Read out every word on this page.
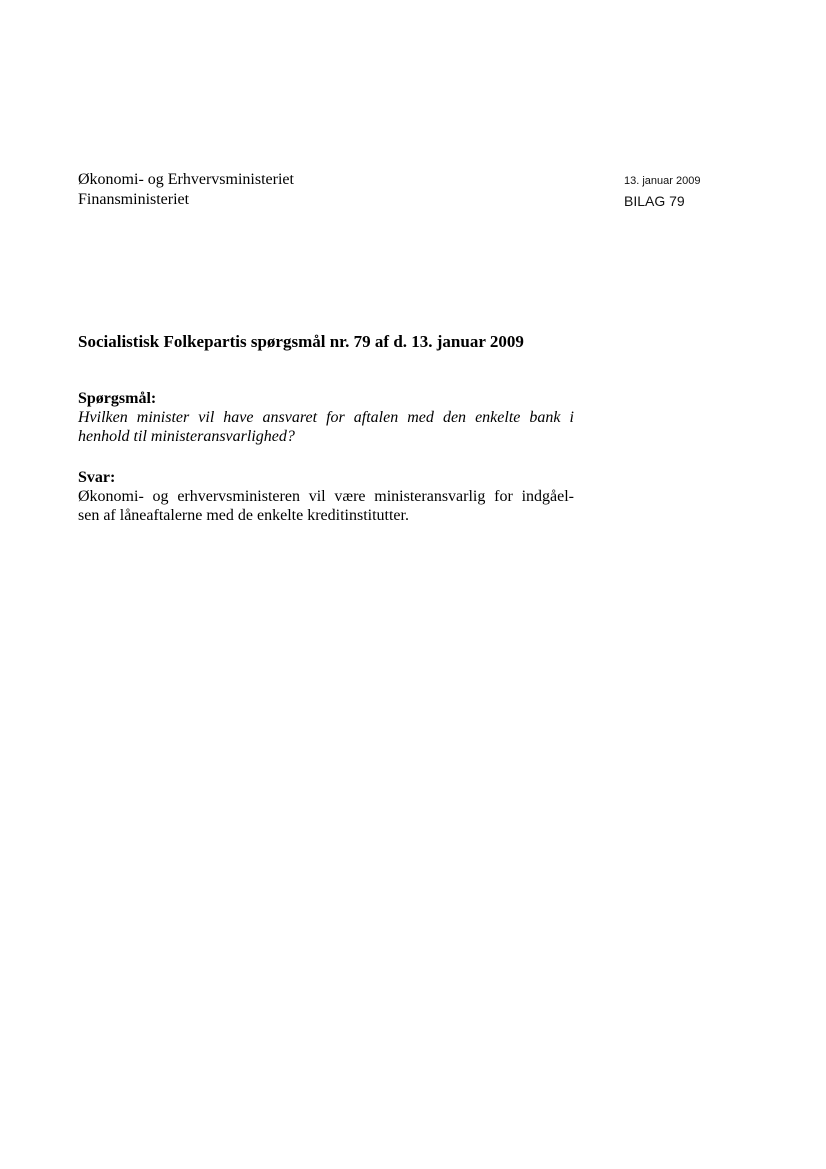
Økonomi- og Erhvervsministeriet
Finansministeriet
13. januar 2009
BILAG 79
Socialistisk Folkepartis spørgsmål nr. 79 af d. 13. januar 2009
Spørgsmål:

Hvilken minister vil have ansvaret for aftalen med den enkelte bank i
henhold til ministeransvarlighed?

Svar:

Økonomi- og erhvervsministeren vil være ministeransvarlig for indgåel-
sen af låneaftalerne med de enkelte kreditinstitutter.
